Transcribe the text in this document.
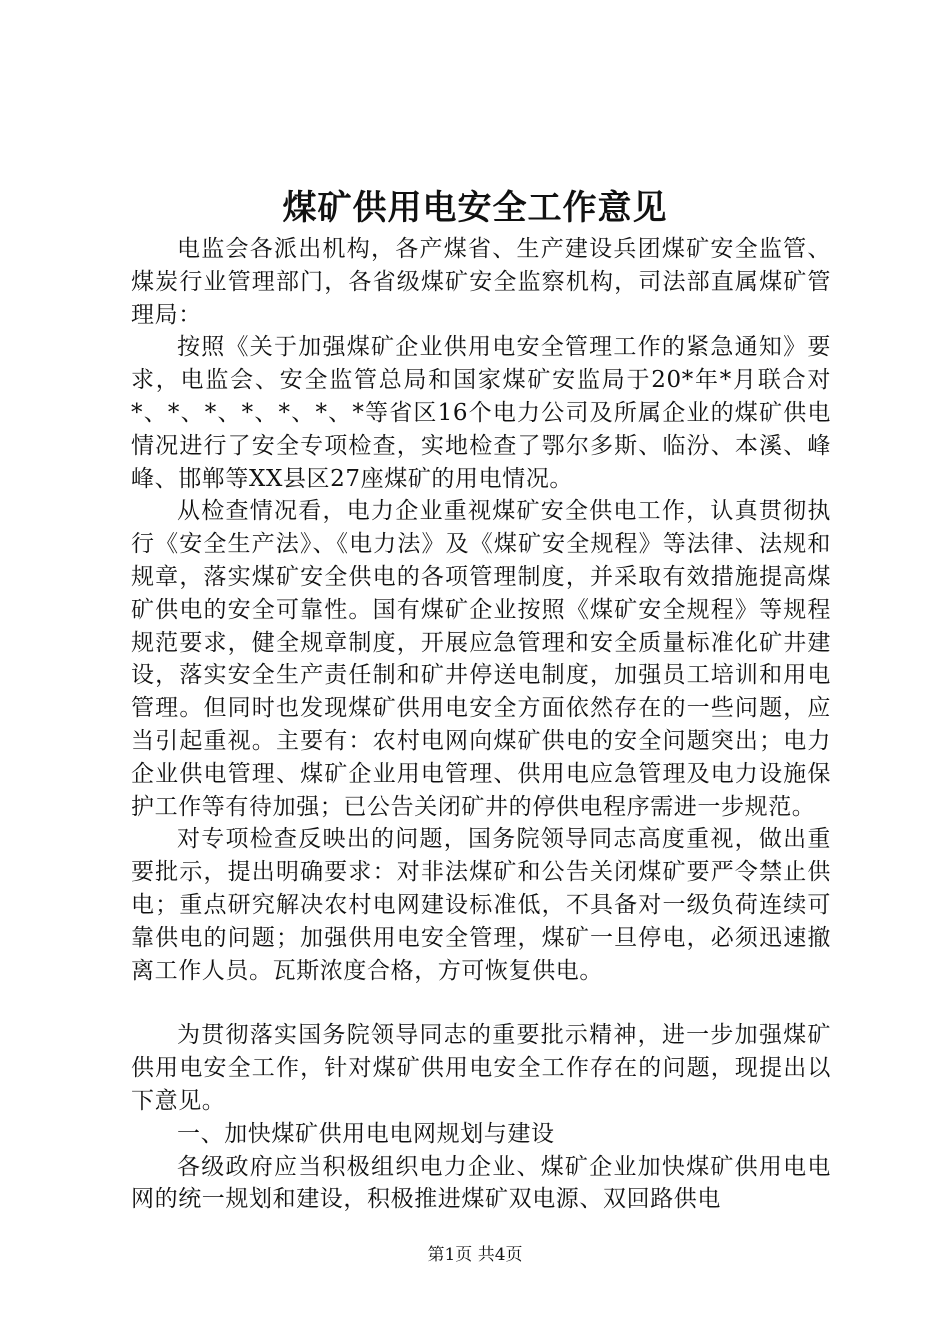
煤矿供用电安全工作意见

电监会各派出机构，各产煤省、生产建设兵团煤矿安全监管、煤炭行业管理部门，各省级煤矿安全监察机构，司法部直属煤矿管理局：

按照《关于加强煤矿企业供用电安全管理工作的紧急通知》要求，电监会、安全监管总局和国家煤矿安监局于20*年*月联合对*、*、*、*、*、*、*等省区16个电力公司及所属企业的煤矿供电情况进行了安全专项检查，实地检查了鄂尔多斯、临汾、本溪、峰峰、邯郸等XX县区27座煤矿的用电情况。

从检查情况看，电力企业重视煤矿安全供电工作，认真贯彻执行《安全生产法》、《电力法》及《煤矿安全规程》等法律、法规和规章，落实煤矿安全供电的各项管理制度，并采取有效措施提高煤矿供电的安全可靠性。国有煤矿企业按照《煤矿安全规程》等规程规范要求，健全规章制度，开展应急管理和安全质量标准化矿井建设，落实安全生产责任制和矿井停送电制度，加强员工培训和用电管理。但同时也发现煤矿供用电安全方面依然存在的一些问题，应当引起重视。主要有：农村电网向煤矿供电的安全问题突出；电力企业供电管理、煤矿企业用电管理、供用电应急管理及电力设施保护工作等有待加强；已公告关闭矿井的停供电程序需进一步规范。

对专项检查反映出的问题，国务院领导同志高度重视，做出重要批示，提出明确要求：对非法煤矿和公告关闭煤矿要严令禁止供电；重点研究解决农村电网建设标准低，不具备对一级负荷连续可靠供电的问题；加强供用电安全管理，煤矿一旦停电，必须迅速撤离工作人员。瓦斯浓度合格，方可恢复供电。

为贯彻落实国务院领导同志的重要批示精神，进一步加强煤矿供用电安全工作，针对煤矿供用电安全工作存在的问题，现提出以下意见。

一、加快煤矿供用电电网规划与建设

各级政府应当积极组织电力企业、煤矿企业加快煤矿供用电电网的统一规划和建设，积极推进煤矿双电源、双回路供电

第1页 共4页
